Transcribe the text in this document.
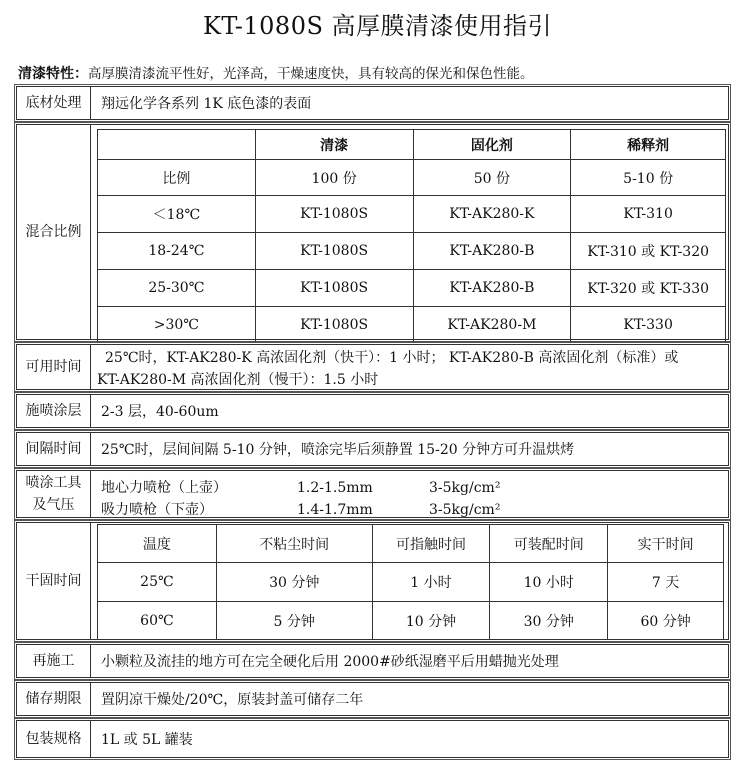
KT-1080S 高厚膜清漆使用指引
清漆特性：高厚膜清漆流平性好，光泽高，干燥速度快，具有较高的保光和保色性能。
底材处理	翔远化学各系列 1K 底色漆的表面
混合比例
	清漆	固化剂	稀释剂
比例	100 份	50 份	5-10 份
＜18℃	KT-1080S	KT-AK280-K	KT-310
18-24℃	KT-1080S	KT-AK280-B	KT-310 或 KT-320
25-30℃	KT-1080S	KT-AK280-B	KT-320 或 KT-330
>30℃	KT-1080S	KT-AK280-M	KT-330
可用时间
25℃时，KT-AK280-K 高浓固化剂（快干）：1 小时； KT-AK280-B 高浓固化剂（标准）或
KT-AK280-M 高浓固化剂（慢干）：1.5 小时
施喷涂层	2-3 层，40-60um
间隔时间	25℃时，层间间隔 5-10 分钟，喷涂完毕后须静置 15-20 分钟方可升温烘烤
喷涂工具
及气压
地心力喷枪（上壶）	1.2-1.5mm	3-5kg/cm²
吸力喷枪（下壶）	1.4-1.7mm	3-5kg/cm²
干固时间
温度	不粘尘时间	可指触时间	可装配时间	实干时间
25℃	30 分钟	1 小时	10 小时	7 天
60℃	5 分钟	10 分钟	30 分钟	60 分钟
再施工	小颗粒及流挂的地方可在完全硬化后用 2000#砂纸湿磨平后用蜡抛光处理
储存期限	置阴凉干燥处/20℃，原装封盖可储存二年
包装规格	1L 或 5L 罐装
